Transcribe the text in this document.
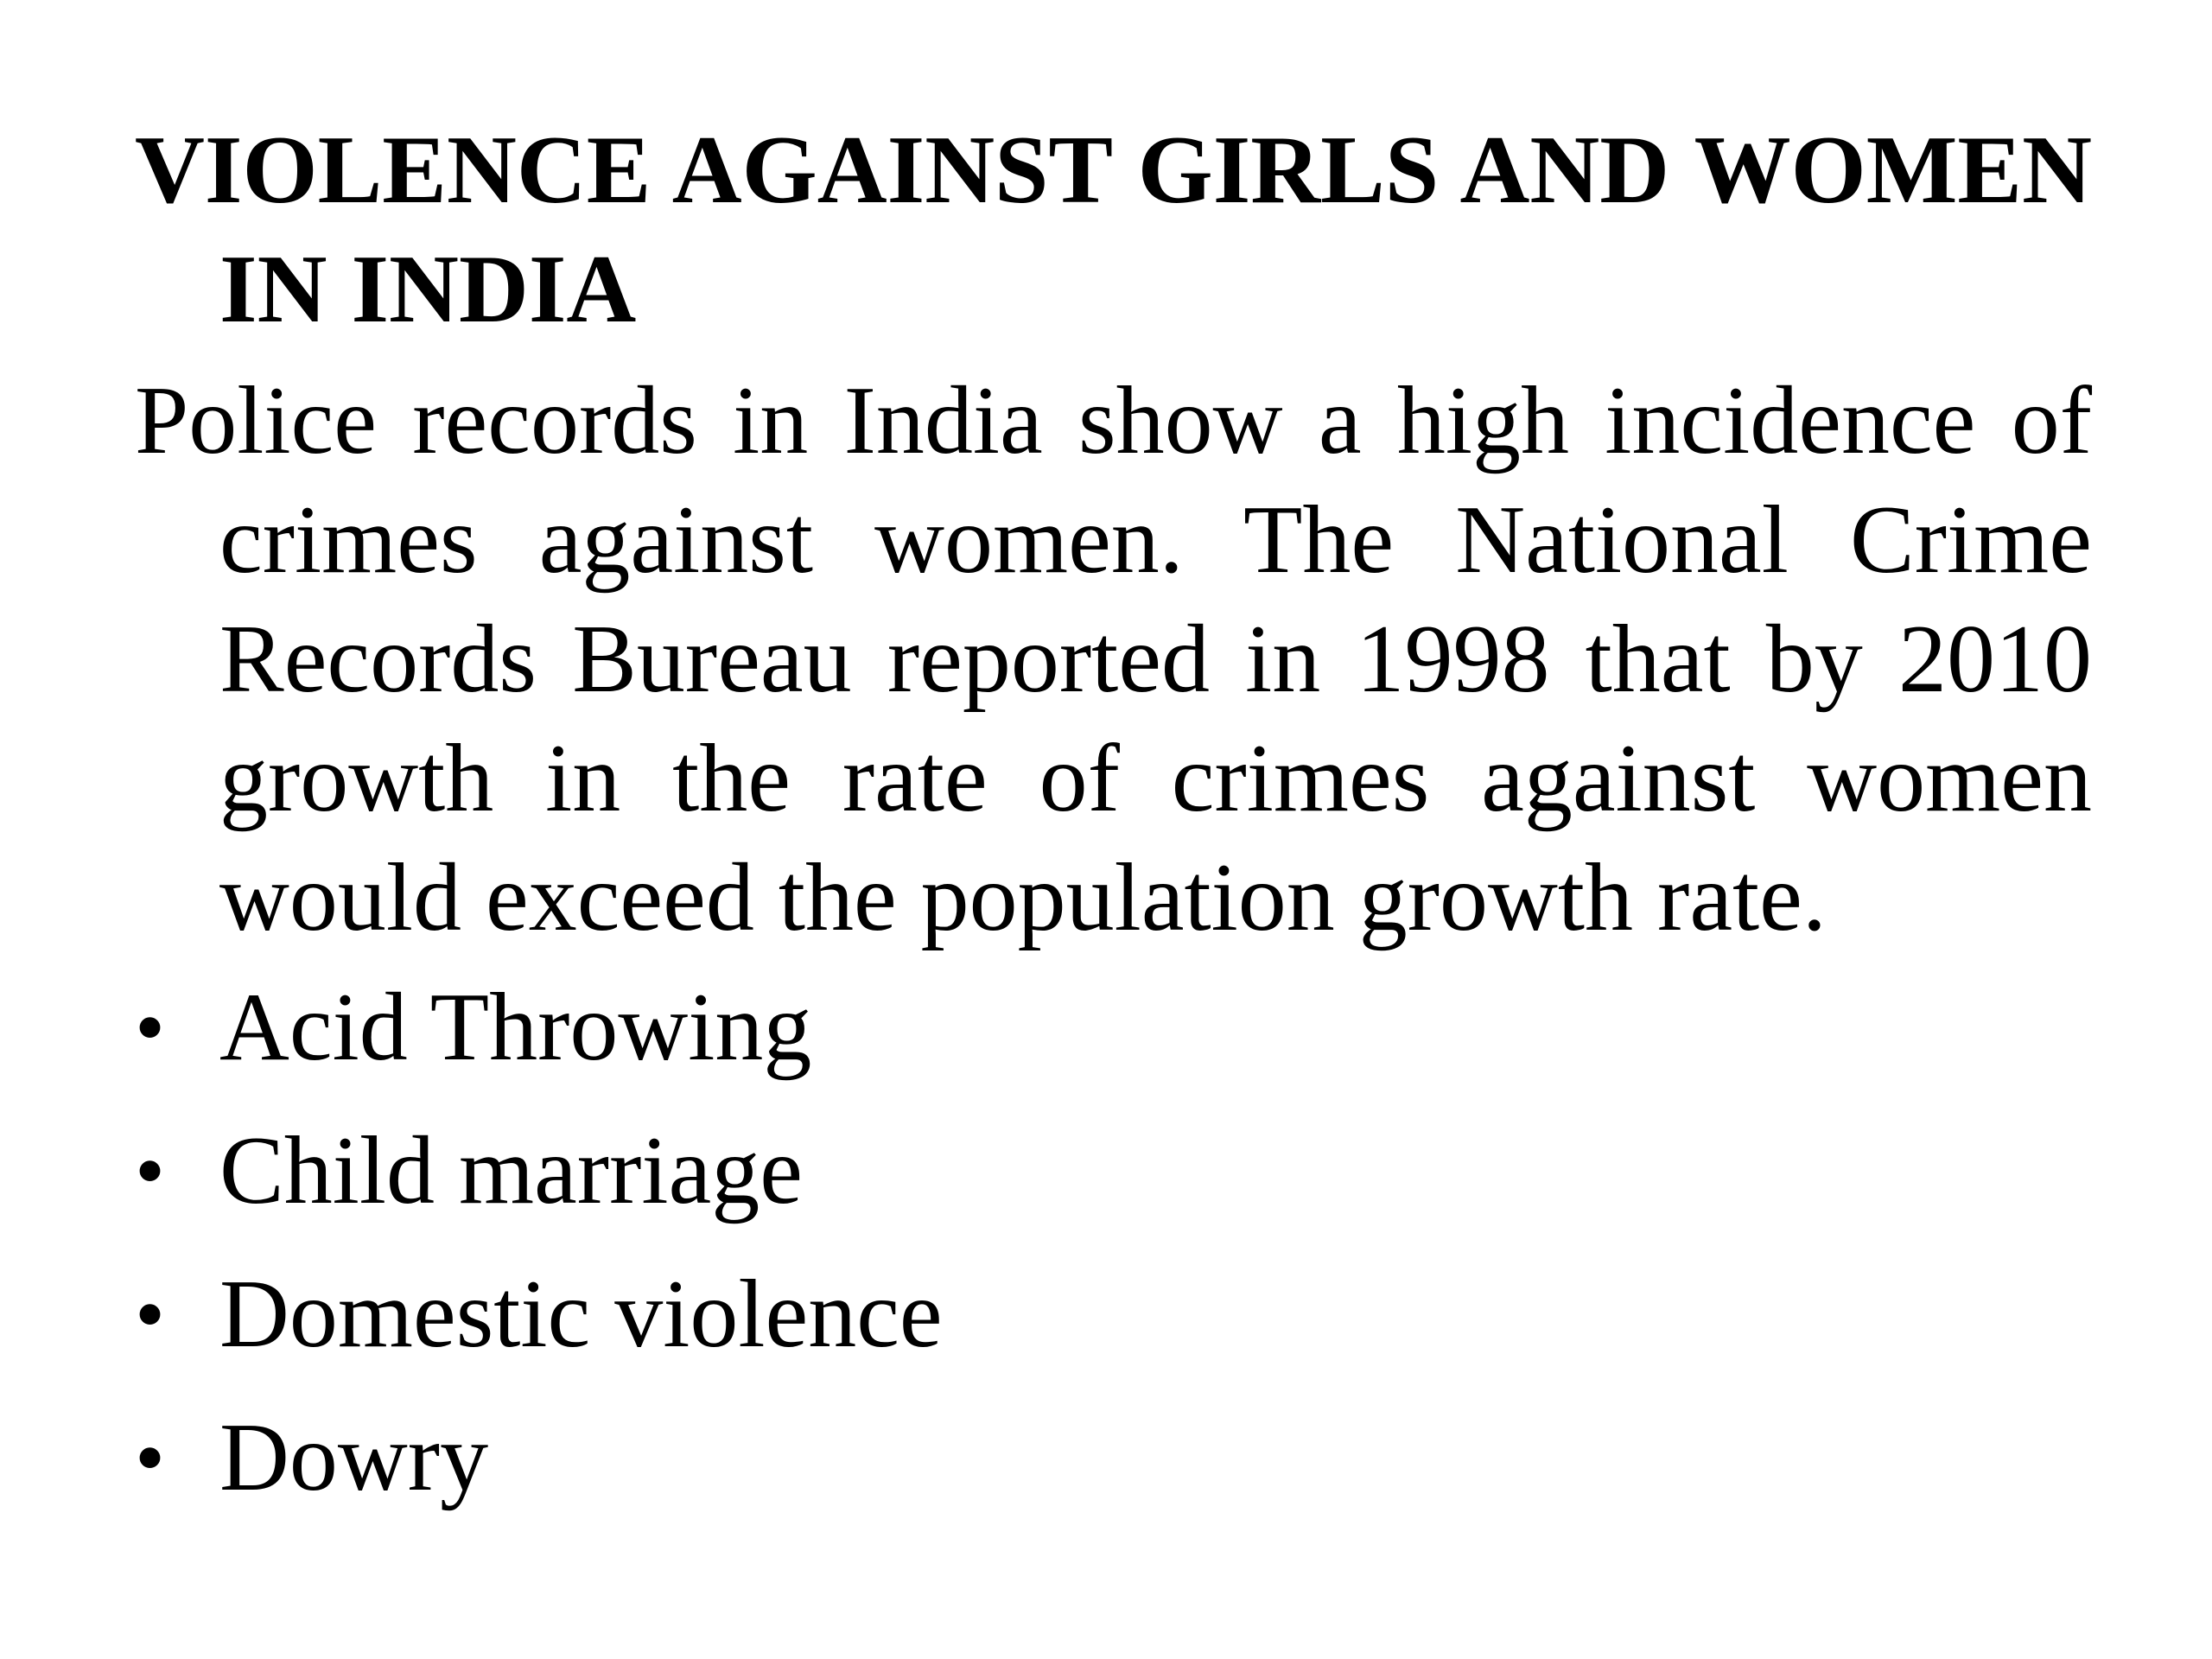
VIOLENCE AGAINST GIRLS AND WOMEN IN INDIA

Police records in India show a high incidence of crimes against women. The National Crime Records Bureau reported in 1998 that by 2010 growth in the rate of crimes against women would exceed the population growth rate.

• Acid Throwing
• Child marriage
• Domestic violence
• Dowry
